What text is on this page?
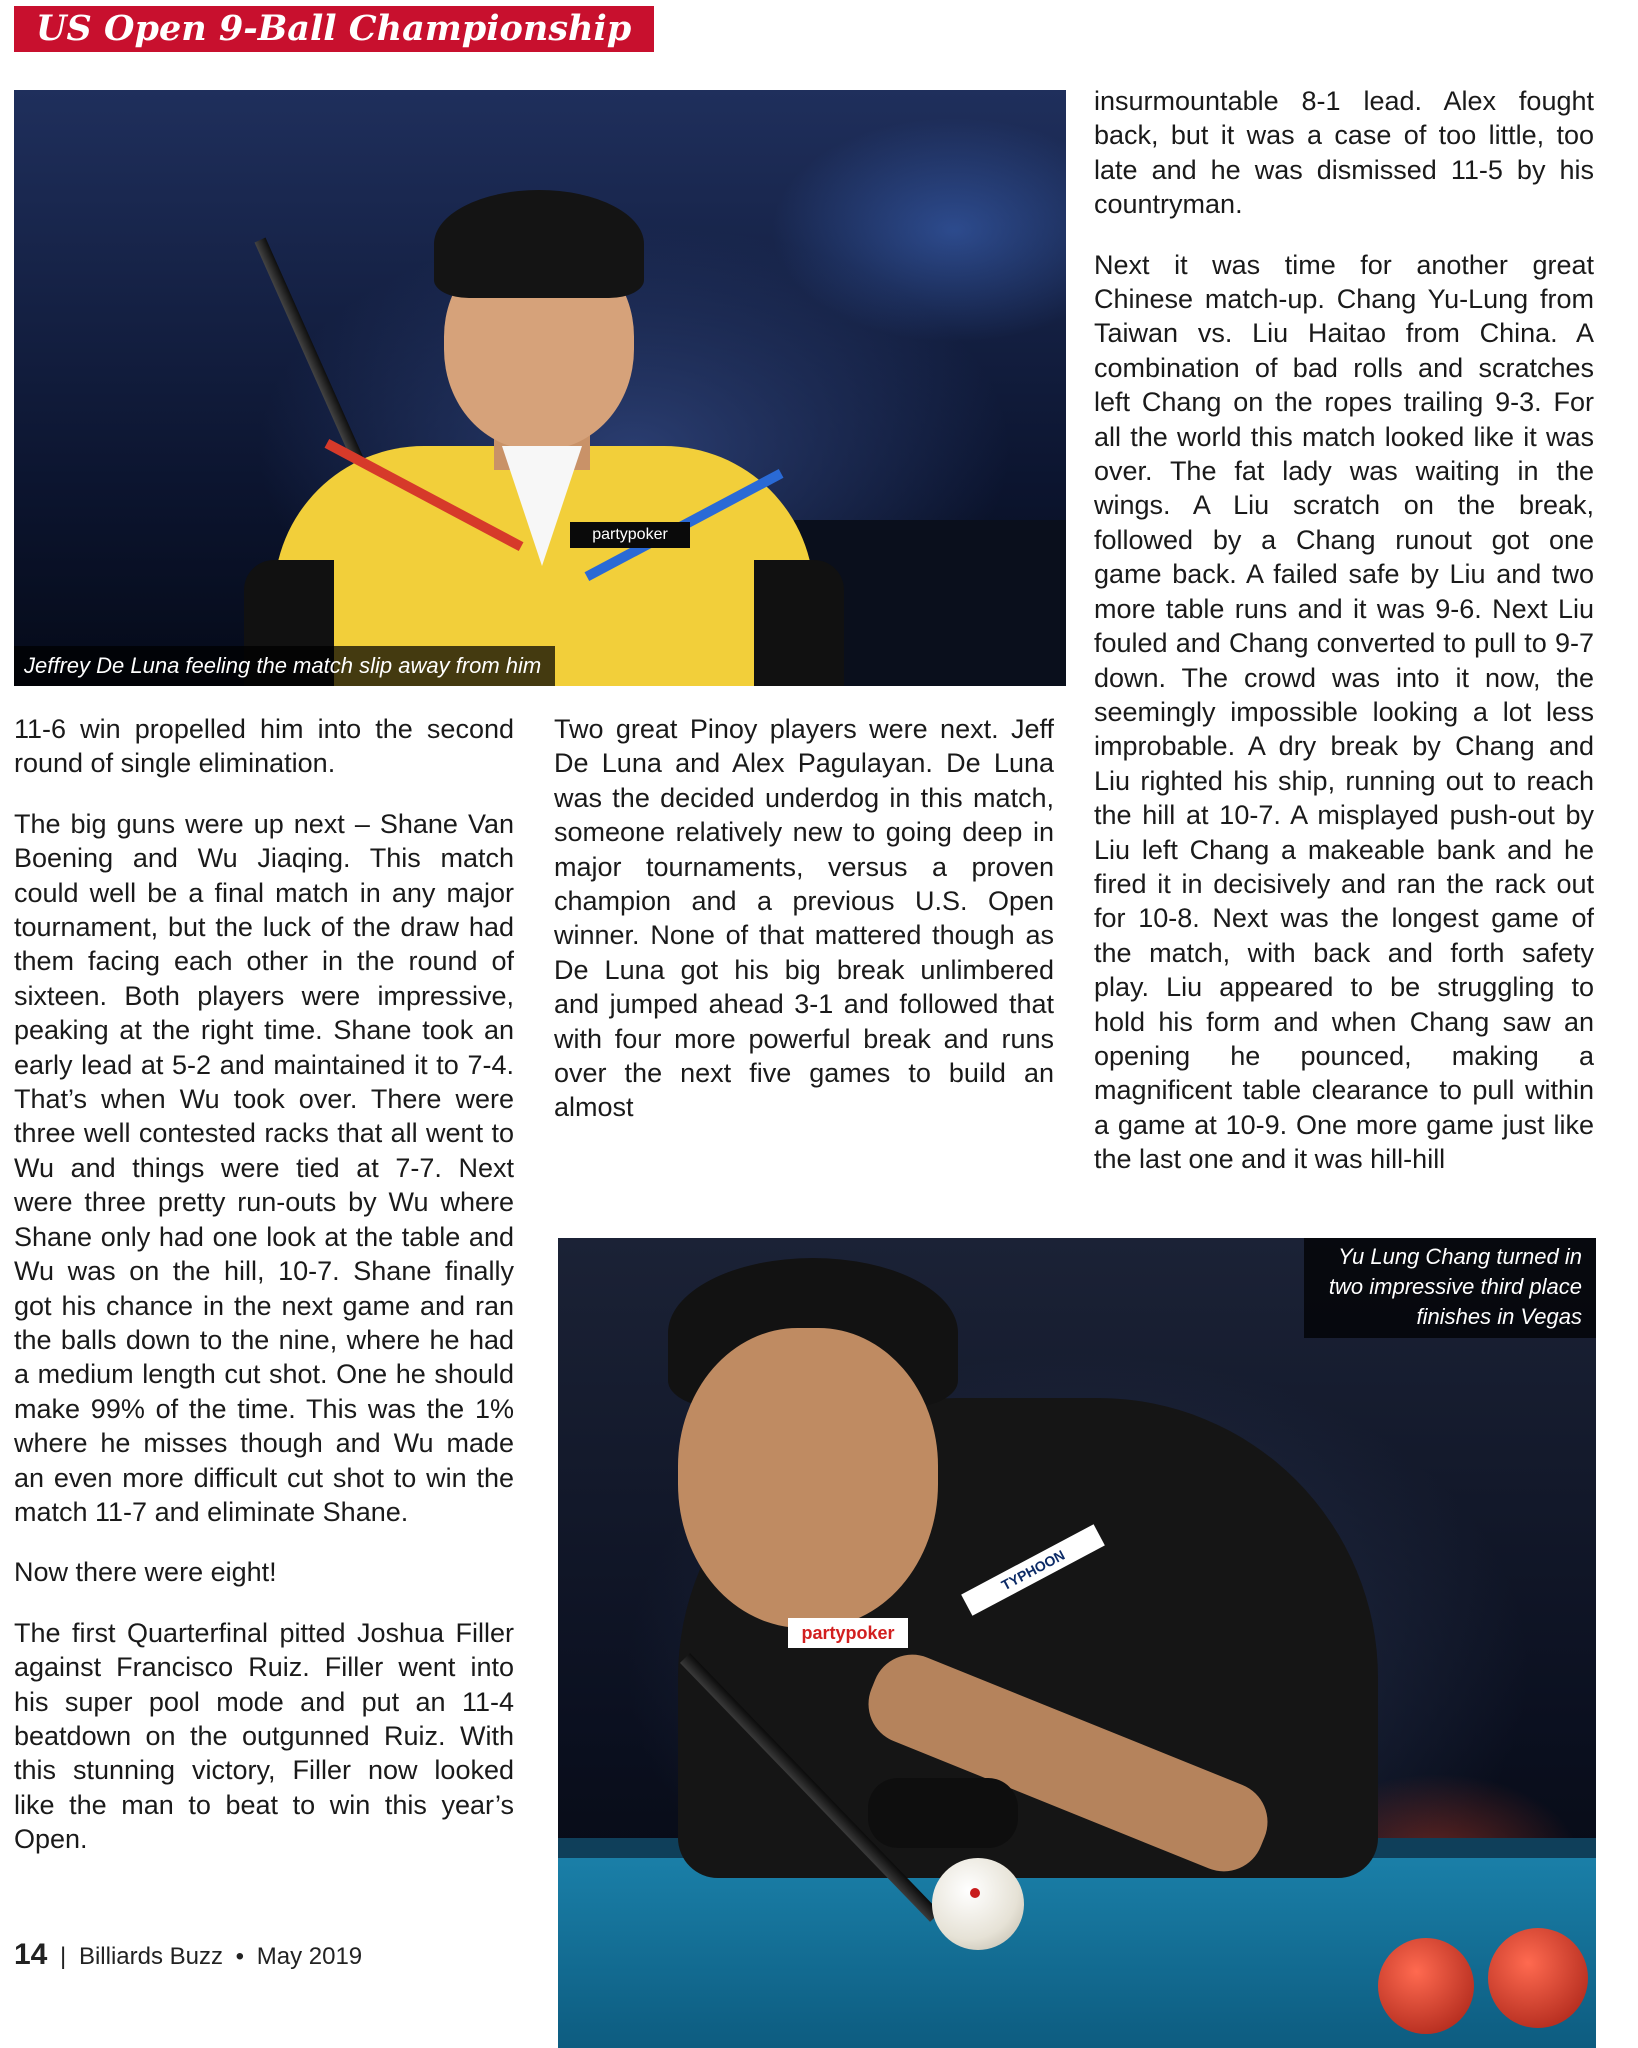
US Open 9-Ball Championship
partypoker
Jeffrey De Luna feeling the match slip away from him

11-6 win propelled him into the second round of single elimination.

The big guns were up next – Shane Van Boening and Wu Jiaqing. This match could well be a final match in any major tournament, but the luck of the draw had them facing each other in the round of sixteen. Both players were impressive, peaking at the right time. Shane took an early lead at 5-2 and maintained it to 7-4. That’s when Wu took over. There were three well contested racks that all went to Wu and things were tied at 7-7. Next were three pretty run-outs by Wu where Shane only had one look at the table and Wu was on the hill, 10-7. Shane finally got his chance in the next game and ran the balls down to the nine, where he had a medium length cut shot. One he should make 99% of the time. This was the 1% where he misses though and Wu made an even more difficult cut shot to win the match 11-7 and eliminate Shane.

Now there were eight!

The first Quarterfinal pitted Joshua Filler against Francisco Ruiz. Filler went into his super pool mode and put an 11-4 beatdown on the outgunned Ruiz. With this stunning victory, Filler now looked like the man to beat to win this year’s Open.

Two great Pinoy players were next. Jeff De Luna and Alex Pagulayan. De Luna was the decided underdog in this match, someone relatively new to going deep in major tournaments, versus a proven champion and a previous U.S. Open winner. None of that mattered though as De Luna got his big break unlimbered and jumped ahead 3-1 and followed that with four more powerful break and runs over the next five games to build an almost

insurmountable 8-1 lead. Alex fought back, but it was a case of too little, too late and he was dismissed 11-5 by his countryman.

Next it was time for another great Chinese match-up. Chang Yu-Lung from Taiwan vs. Liu Haitao from China. A combination of bad rolls and scratches left Chang on the ropes trailing 9-3. For all the world this match looked like it was over. The fat lady was waiting in the wings. A Liu scratch on the break, followed by a Chang runout got one game back. A failed safe by Liu and two more table runs and it was 9-6. Next Liu fouled and Chang converted to pull to 9-7 down. The crowd was into it now, the seemingly impossible looking a lot less improbable. A dry break by Chang and Liu righted his ship, running out to reach the hill at 10-7. A misplayed push-out by Liu left Chang a makeable bank and he fired it in decisively and ran the rack out for 10-8. Next was the longest game of the match, with back and forth safety play. Liu appeared to be struggling to hold his form and when Chang saw an opening he pounced, making a magnificent table clearance to pull within a game at 10-9. One more game just like the last one and it was hill-hill

partypoker
TYPHOON
Yu Lung Chang turned in two impressive third place finishes in Vegas
14 | Billiards Buzz • May 2019
